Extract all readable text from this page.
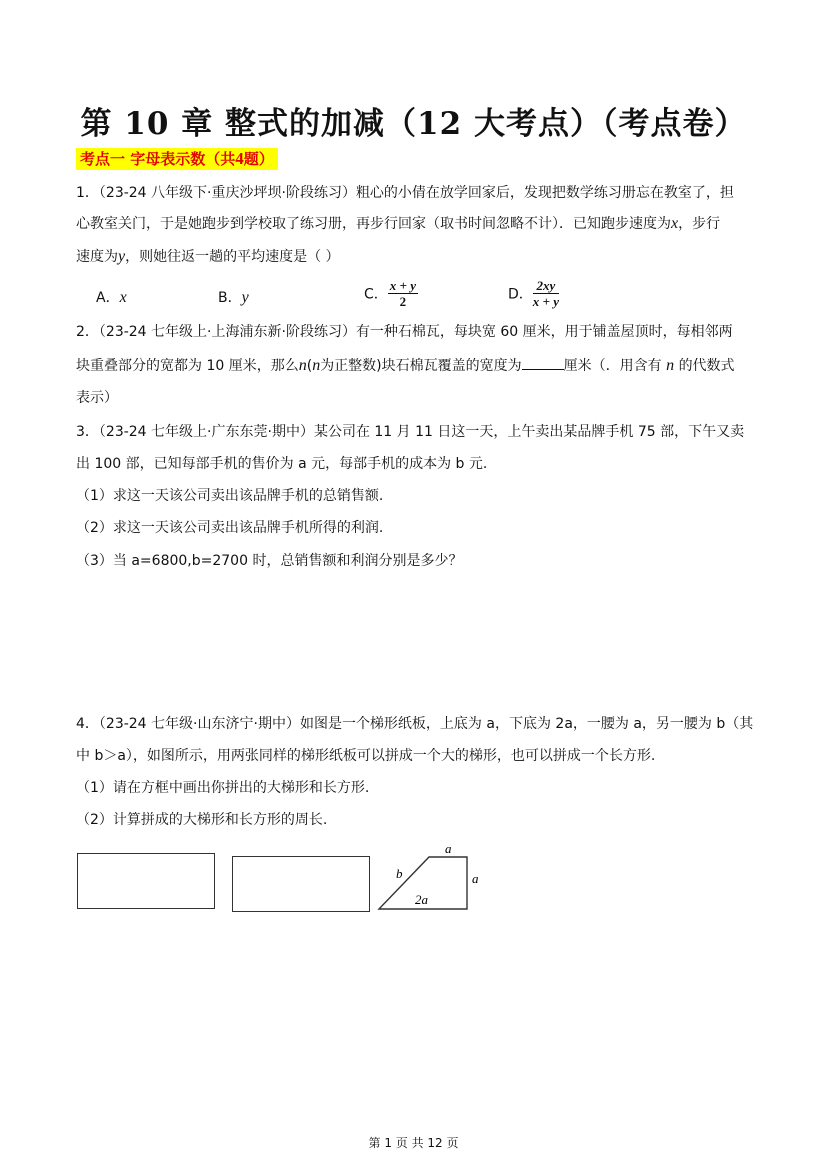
第 10 章 整式的加减（12 大考点）（考点卷）
考点一 字母表示数（共4题）
1．（23-24 八年级下·重庆沙坪坝·阶段练习）粗心的小倩在放学回家后，发现把数学练习册忘在教室了，担
心教室关门，于是她跑步到学校取了练习册，再步行回家（取书时间忽略不计）．已知跑步速度为x，步行
速度为y，则她往返一趟的平均速度是（ ）
A．x	B．y	C． $\frac{x + y}{2}$	D． $\frac{2xy}{x + y}$
2．（23-24 七年级上·上海浦东新·阶段练习）有一种石棉瓦，每块宽 60 厘米，用于铺盖屋顶时，每相邻两
块重叠部分的宽都为 10 厘米，那么n(n为正整数)块石棉瓦覆盖的宽度为	厘米（．用含有 n 的代数式
表示）
3．（23-24 七年级上·广东东莞·期中）某公司在 11 月 11 日这一天，上午卖出某品牌手机 75 部，下午又卖
出 100 部，已知每部手机的售价为 a 元，每部手机的成本为 b 元.
（1）求这一天该公司卖出该品牌手机的总销售额.
（2）求这一天该公司卖出该品牌手机所得的利润.
（3）当 a=6800,b=2700 时，总销售额和利润分别是多少？
4．（23-24 七年级·山东济宁·期中）如图是一个梯形纸板，上底为 a，下底为 2a，一腰为 a，另一腰为 b（其
中 b＞a），如图所示，用两张同样的梯形纸板可以拼成一个大的梯形，也可以拼成一个长方形.
（1）请在方框中画出你拼出的大梯形和长方形.
（2）计算拼成的大梯形和长方形的周长.
a
a
b
2a
第 1 页 共 12 页
